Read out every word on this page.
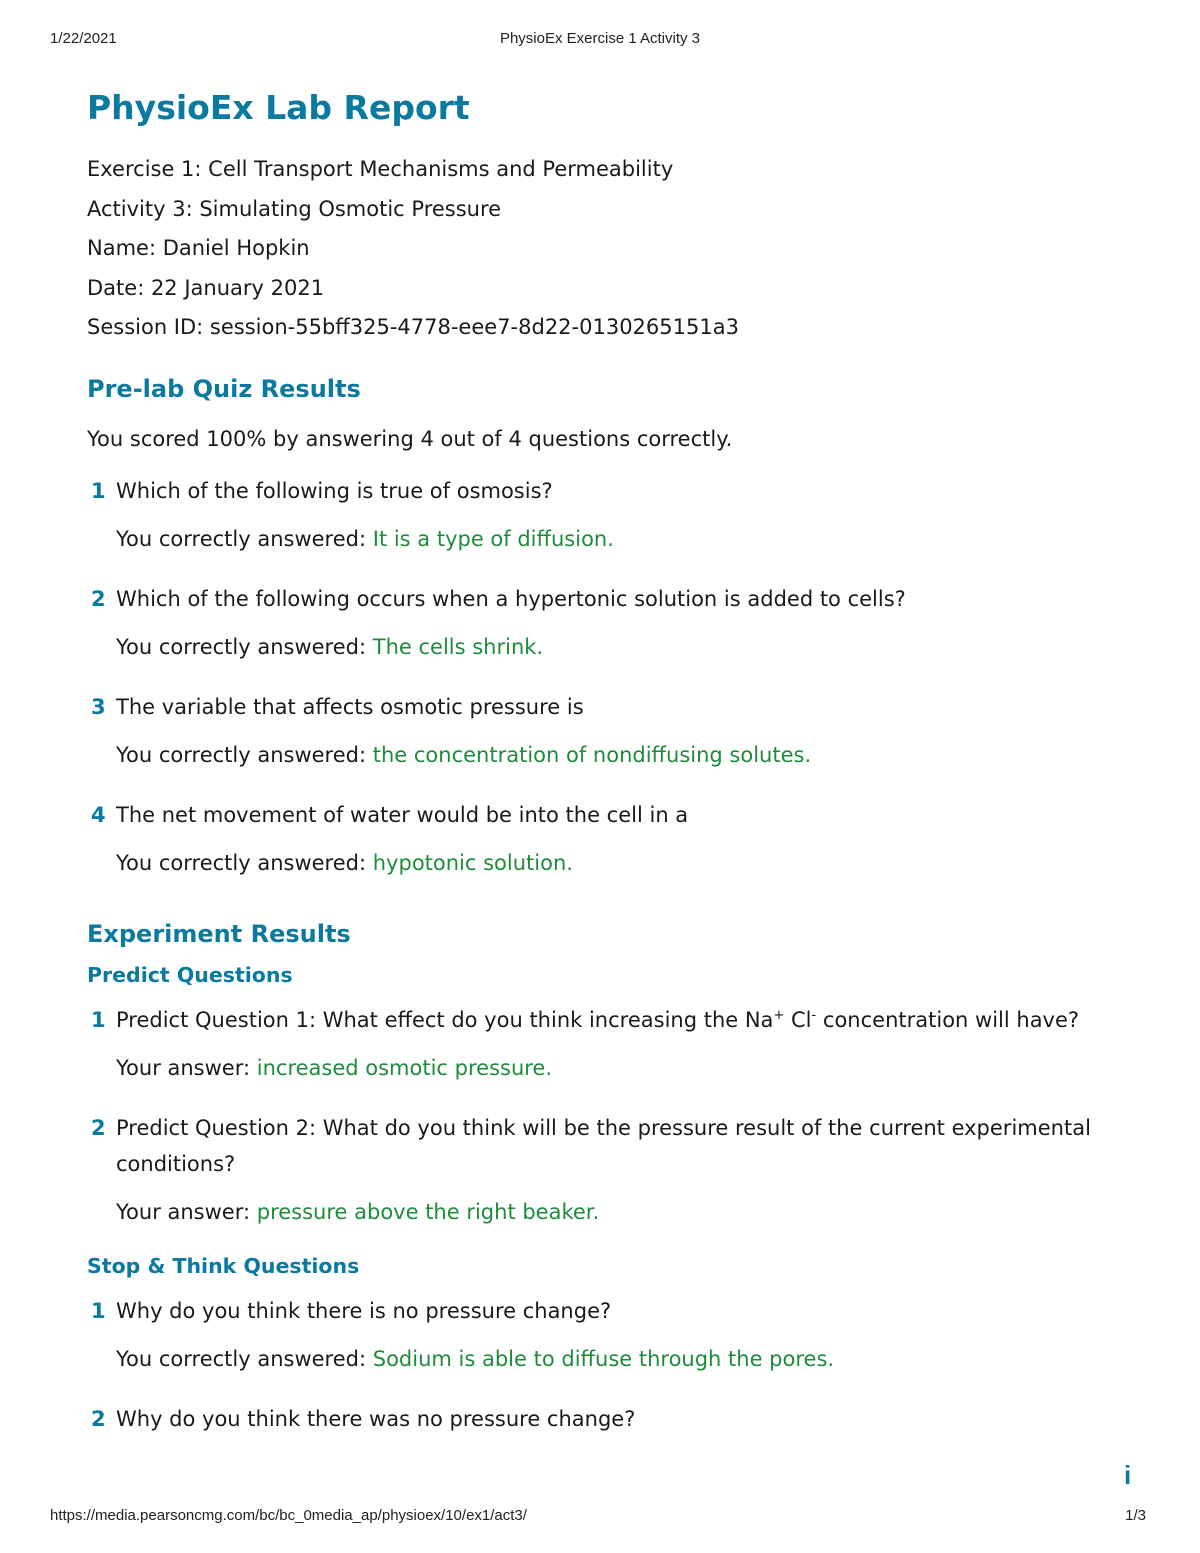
1/22/2021	PhysioEx Exercise 1 Activity 3
PhysioEx Lab Report
Exercise 1: Cell Transport Mechanisms and Permeability
Activity 3: Simulating Osmotic Pressure
Name: Daniel Hopkin
Date: 22 January 2021
Session ID: session-55bff325-4778-eee7-8d22-0130265151a3
Pre-lab Quiz Results
You scored 100% by answering 4 out of 4 questions correctly.
1 Which of the following is true of osmosis?
You correctly answered: It is a type of diffusion.
2 Which of the following occurs when a hypertonic solution is added to cells?
You correctly answered: The cells shrink.
3 The variable that affects osmotic pressure is
You correctly answered: the concentration of nondiffusing solutes.
4 The net movement of water would be into the cell in a
You correctly answered: hypotonic solution.
Experiment Results
Predict Questions
1 Predict Question 1: What effect do you think increasing the Na+ Cl- concentration will have?
Your answer: increased osmotic pressure.
2 Predict Question 2: What do you think will be the pressure result of the current experimental conditions?
Your answer: pressure above the right beaker.
Stop & Think Questions
1 Why do you think there is no pressure change?
You correctly answered: Sodium is able to diffuse through the pores.
2 Why do you think there was no pressure change?
i
https://media.pearsoncmg.com/bc/bc_0media_ap/physioex/10/ex1/act3/	1/3
